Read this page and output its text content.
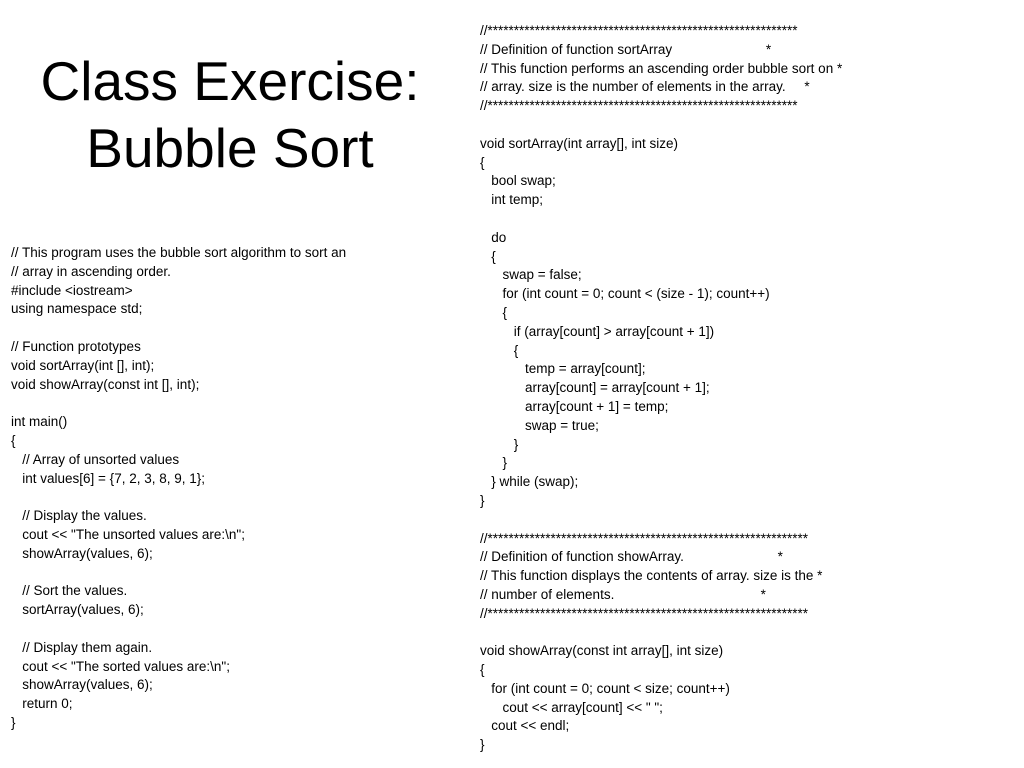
Class Exercise:
Bubble Sort
// This program uses the bubble sort algorithm to sort an
// array in ascending order.
#include <iostream>
using namespace std;
// Function prototypes
void sortArray(int [], int);
void showArray(const int [], int);
int main()
{
// Array of unsorted values
int values[6] = {7, 2, 3, 8, 9, 1};
// Display the values.
cout << "The unsorted values are:\n";
showArray(values, 6);
// Sort the values.
sortArray(values, 6);
// Display them again.
cout << "The sorted values are:\n";
showArray(values, 6);
return 0;
}
//***********************************************************
// Definition of function sortArray                         *
// This function performs an ascending order bubble sort on *
// array. size is the number of elements in the array.     *
//***********************************************************
void sortArray(int array[], int size)
{
bool swap;
int temp;
do
{
swap = false;
for (int count = 0; count < (size - 1); count++)
{
if (array[count] > array[count + 1])
{
temp = array[count];
array[count] = array[count + 1];
array[count + 1] = temp;
swap = true;
}
}
} while (swap);
}
//*************************************************************
// Definition of function showArray.                         *
// This function displays the contents of array. size is the *
// number of elements.                                       *
//*************************************************************
void showArray(const int array[], int size)
{
for (int count = 0; count < size; count++)
cout << array[count] << " ";
cout << endl;
}
